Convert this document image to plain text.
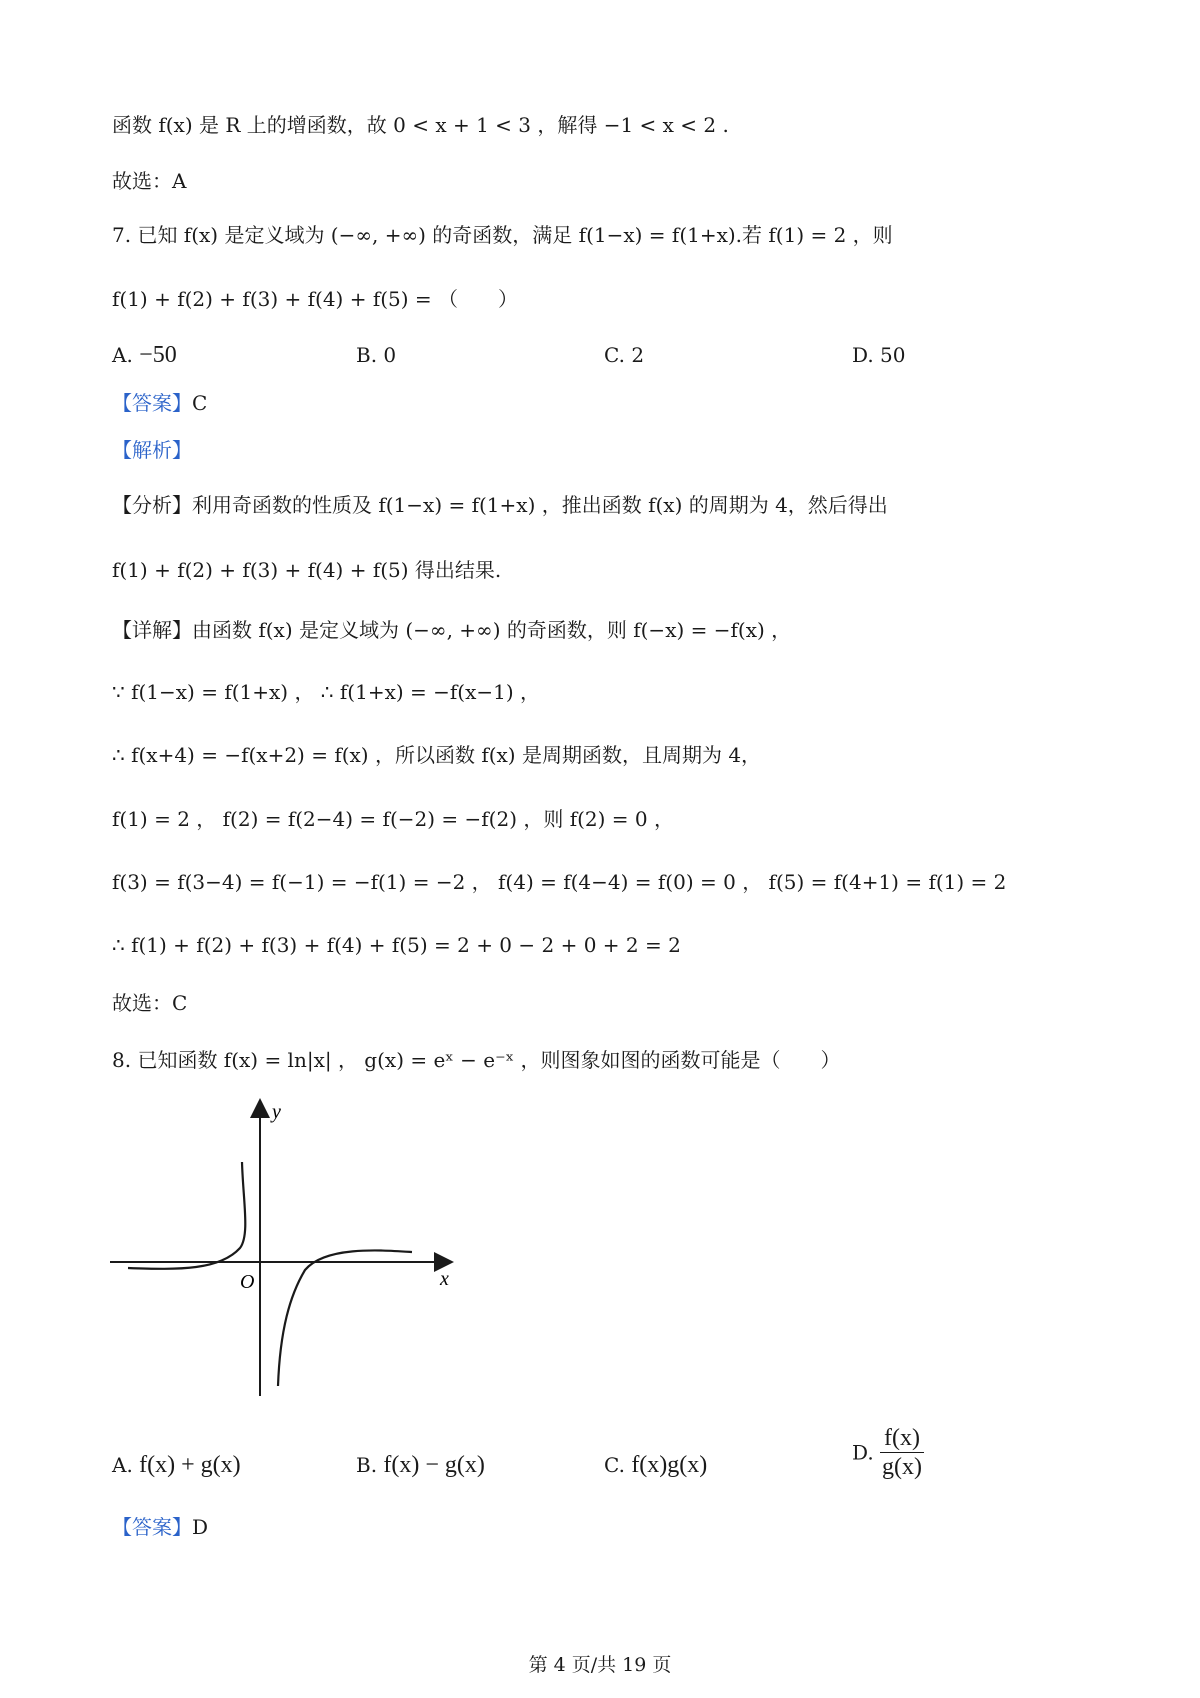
函数 f(x) 是 R 上的增函数，故 0 < x + 1 < 3 ，解得 −1 < x < 2 .
故选：A
7. 已知 f(x) 是定义域为 (−∞, +∞) 的奇函数，满足 f(1−x) = f(1+x).若 f(1) = 2 ，则
f(1) + f(2) + f(3) + f(4) + f(5) = （　　）
A. −50	B. 0	C. 2	D. 50
【答案】C
【解析】
【分析】利用奇函数的性质及 f(1−x) = f(1+x) ，推出函数 f(x) 的周期为 4，然后得出
f(1) + f(2) + f(3) + f(4) + f(5) 得出结果.
【详解】由函数 f(x) 是定义域为 (−∞, +∞) 的奇函数，则 f(−x) = −f(x) ，
∵ f(1−x) = f(1+x) ， ∴ f(1+x) = −f(x−1) ，
∴ f(x+4) = −f(x+2) = f(x) ，所以函数 f(x) 是周期函数，且周期为 4，
f(1) = 2 ， f(2) = f(2−4) = f(−2) = −f(2) ，则 f(2) = 0 ，
f(3) = f(3−4) = f(−1) = −f(1) = −2 ， f(4) = f(4−4) = f(0) = 0 ， f(5) = f(4+1) = f(1) = 2
∴ f(1) + f(2) + f(3) + f(4) + f(5) = 2 + 0 − 2 + 0 + 2 = 2
故选：C
8. 已知函数 f(x) = ln|x| ， g(x) = eˣ − e⁻ˣ ，则图象如图的函数可能是（　　）
y
x
O
A. f(x) + g(x)	B. f(x) − g(x)	C. f(x)g(x)	D. $\frac{f(x)}{g(x)}$
【答案】D
第 4 页/共 19 页
